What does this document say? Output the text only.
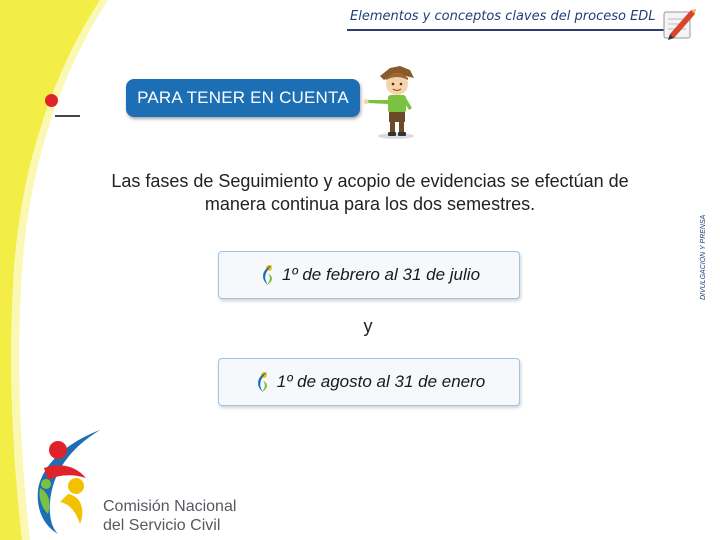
Elementos y conceptos claves del proceso EDL
DIVULGACIÓN Y PRENSA
PARA TENER EN CUENTA
Las fases de Seguimiento y acopio de evidencias se efectúan de manera continua para los dos semestres.
1º de febrero al 31 de julio
y
1º de agosto al 31 de enero
Comisión Nacional
del Servicio Civil
